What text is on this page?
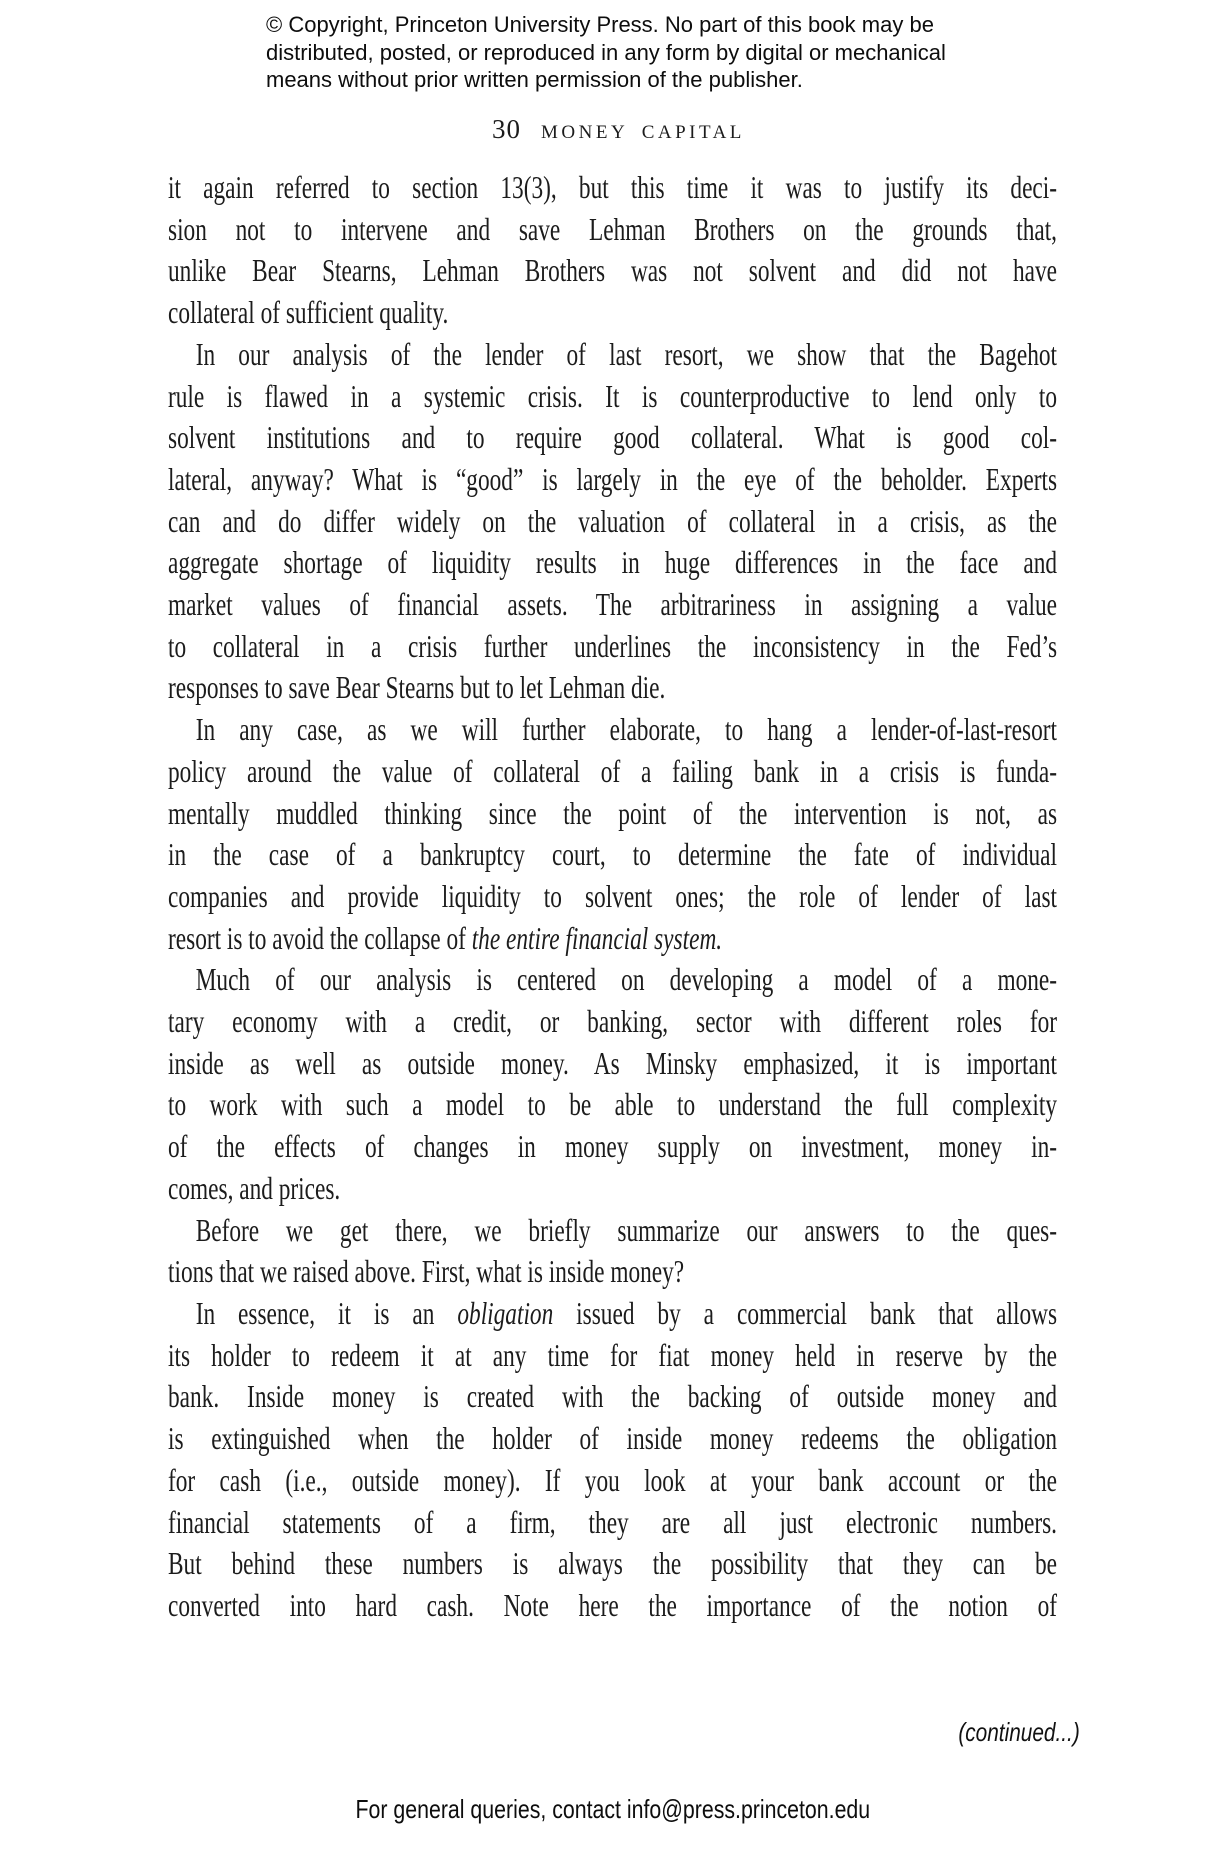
© Copyright, Princeton University Press. No part of this book may be
distributed, posted, or reproduced in any form by digital or mechanical
means without prior written permission of the publisher.
30 MONEY CAPITAL
it again referred to section 13(3), but this time it was to justify its deci-
sion not to intervene and save Lehman Brothers on the grounds that,
unlike Bear Stearns, Lehman Brothers was not solvent and did not have
collateral of sufficient quality.
In our analysis of the lender of last resort, we show that the Bagehot
rule is flawed in a systemic crisis. It is counterproductive to lend only to
solvent institutions and to require good collateral. What is good col-
lateral, anyway? What is “good” is largely in the eye of the beholder. Experts
can and do differ widely on the valuation of collateral in a crisis, as the
aggregate shortage of liquidity results in huge differences in the face and
market values of financial assets. The arbitrariness in assigning a value
to collateral in a crisis further underlines the inconsistency in the Fed’s
responses to save Bear Stearns but to let Lehman die.
In any case, as we will further elaborate, to hang a lender-of-last-resort
policy around the value of collateral of a failing bank in a crisis is funda-
mentally muddled thinking since the point of the intervention is not, as
in the case of a bankruptcy court, to determine the fate of individual
companies and provide liquidity to solvent ones; the role of lender of last
resort is to avoid the collapse of the entire financial system.
Much of our analysis is centered on developing a model of a mone-
tary economy with a credit, or banking, sector with different roles for
inside as well as outside money. As Minsky emphasized, it is important
to work with such a model to be able to understand the full complexity
of the effects of changes in money supply on investment, money in-
comes, and prices.
Before we get there, we briefly summarize our answers to the ques-
tions that we raised above. First, what is inside money?
In essence, it is an obligation issued by a commercial bank that allows
its holder to redeem it at any time for fiat money held in reserve by the
bank. Inside money is created with the backing of outside money and
is extinguished when the holder of inside money redeems the obligation
for cash (i.e., outside money). If you look at your bank account or the
financial statements of a firm, they are all just electronic numbers.
But behind these numbers is always the possibility that they can be
converted into hard cash. Note here the importance of the notion of
(continued...)
For general queries, contact info@press.princeton.edu
